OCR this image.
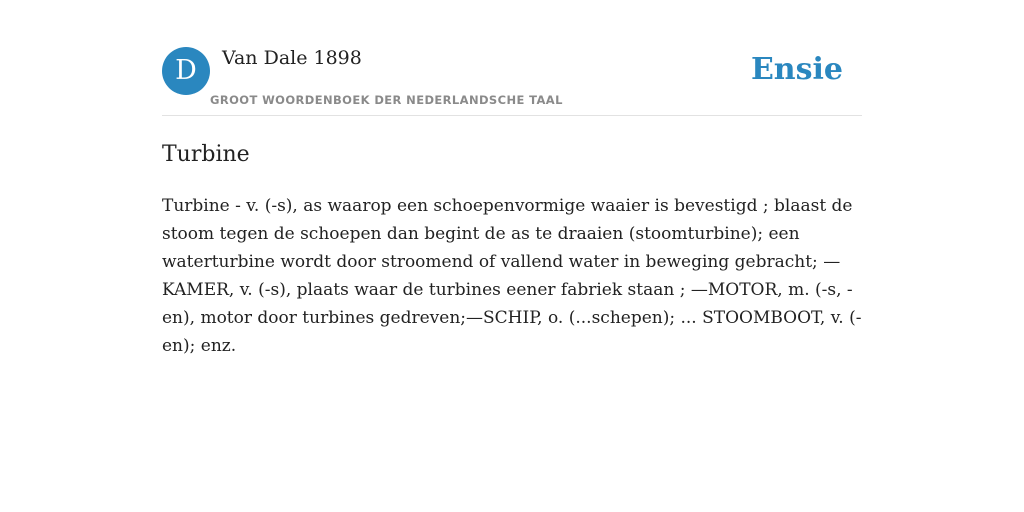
D	Van Dale 1898
GROOT WOORDENBOEK DER NEDERLANDSCHE TAAL
Ensie
Turbine

Turbine - v. (-s), as waarop een schoepenvormige waaier is bevestigd ; blaast de stoom tegen de schoepen dan begint de as te draaien (stoomturbine); een waterturbine wordt door stroomend of vallend water in beweging gebracht; —KAMER, v. (-s), plaats waar de turbines eener fabriek staan ; —MOTOR, m. (-s, -en), motor door turbines gedreven;—SCHIP, o. (...schepen); ... STOOMBOOT, v. (-en); enz.
